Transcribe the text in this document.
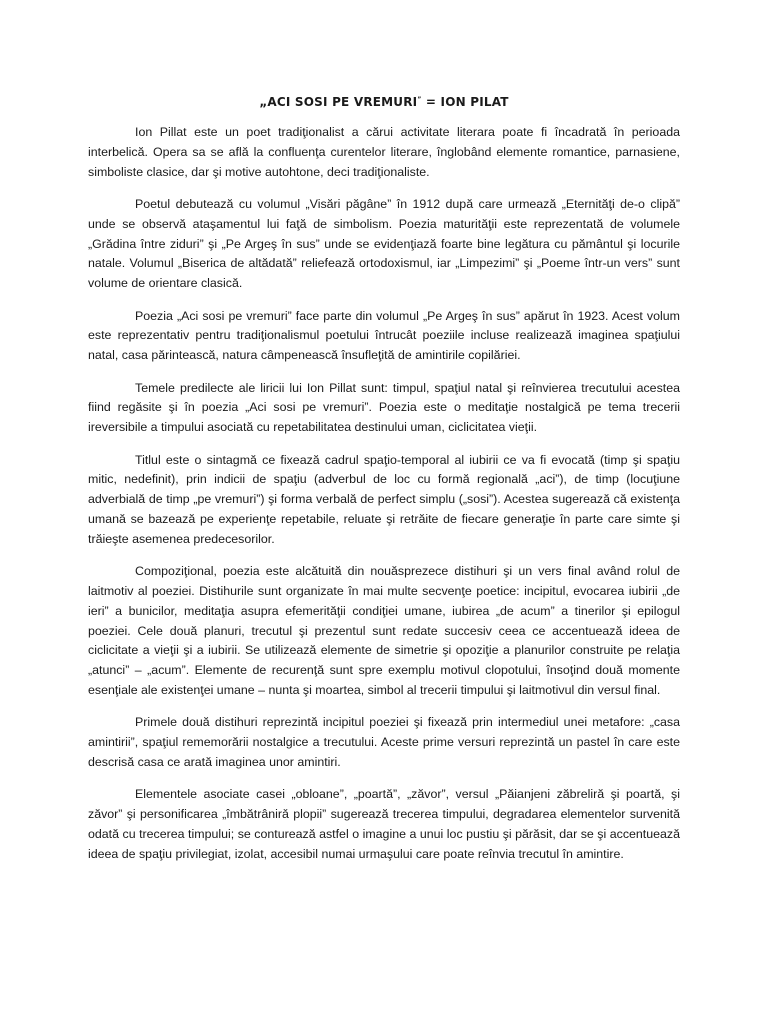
„ACI SOSI PE VREMURI” = ION PILAT

Ion Pillat este un poet tradiţionalist a cărui activitate literara poate fi încadrată în perioada interbelică. Opera sa se află la confluenţa curentelor literare, înglobând elemente romantice, parnasiene, simboliste clasice, dar şi motive autohtone, deci tradiţionaliste.

Poetul debutează cu volumul „Visări păgâne” în 1912 după care urmează „Eternităţi de-o clipă” unde se observă ataşamentul lui faţă de simbolism. Poezia maturităţii este reprezentată de volumele „Grădina între ziduri” şi „Pe Argeş în sus” unde se evidenţiază foarte bine legătura cu pământul şi locurile natale. Volumul „Biserica de altădată” reliefează ortodoxismul, iar „Limpezimi” şi „Poeme într-un vers” sunt volume de orientare clasică.

Poezia „Aci sosi pe vremuri” face parte din volumul „Pe Argeş în sus” apărut în 1923. Acest volum este reprezentativ pentru tradiţionalismul poetului întrucât poeziile incluse realizează imaginea spaţiului natal, casa părintească, natura câmpenească însufleţită de amintirile copilăriei.

Temele predilecte ale liricii lui Ion Pillat sunt: timpul, spaţiul natal şi reînvierea trecutului acestea fiind regăsite şi în poezia „Aci sosi pe vremuri”. Poezia este o meditaţie nostalgică pe tema trecerii ireversibile a timpului asociată cu repetabilitatea destinului uman, ciclicitatea vieţii.

Titlul este o sintagmă ce fixează cadrul spaţio-temporal al iubirii ce va fi evocată (timp şi spaţiu mitic, nedefinit), prin indicii de spaţiu (adverbul de loc cu formă regională „aci”), de timp (locuţiune adverbială de timp „pe vremuri”) şi forma verbală de perfect simplu („sosi”). Acestea sugerează că existenţa umană se bazează pe experienţe repetabile, reluate şi retrăite de fiecare generaţie în parte care simte şi trăieşte asemenea predecesorilor.

Compoziţional, poezia este alcătuită din nouăsprezece distihuri şi un vers final având rolul de laitmotiv al poeziei. Distihurile sunt organizate în mai multe secvenţe poetice: incipitul, evocarea iubirii „de ieri” a bunicilor, meditaţia asupra efemerităţii condiţiei umane, iubirea „de acum” a tinerilor şi epilogul poeziei. Cele două planuri, trecutul şi prezentul sunt redate succesiv ceea ce accentuează ideea de ciclicitate a vieţii şi a iubirii. Se utilizează elemente de simetrie şi opoziţie a planurilor construite pe relaţia „atunci” – „acum”. Elemente de recurenţă sunt spre exemplu motivul clopotului, însoţind două momente esenţiale ale existenţei umane – nunta şi moartea, simbol al trecerii timpului şi laitmotivul din versul final.

Primele două distihuri reprezintă incipitul poeziei şi fixează prin intermediul unei metafore: „casa amintirii”, spaţiul rememorării nostalgice a trecutului. Aceste prime versuri reprezintă un pastel în care este descrisă casa ce arată imaginea unor amintiri.

Elementele asociate casei „obloane”, „poartă”, „zăvor”, versul „Păianjeni zăbreliră şi poartă, şi zăvor” şi personificarea „îmbătrânirǎ plopii” sugerează trecerea timpului, degradarea elementelor survenită odată cu trecerea timpului; se conturează astfel o imagine a unui loc pustiu şi părăsit, dar se şi accentuează ideea de spaţiu privilegiat, izolat, accesibil numai urmaşului care poate reînvia trecutul în amintire.
